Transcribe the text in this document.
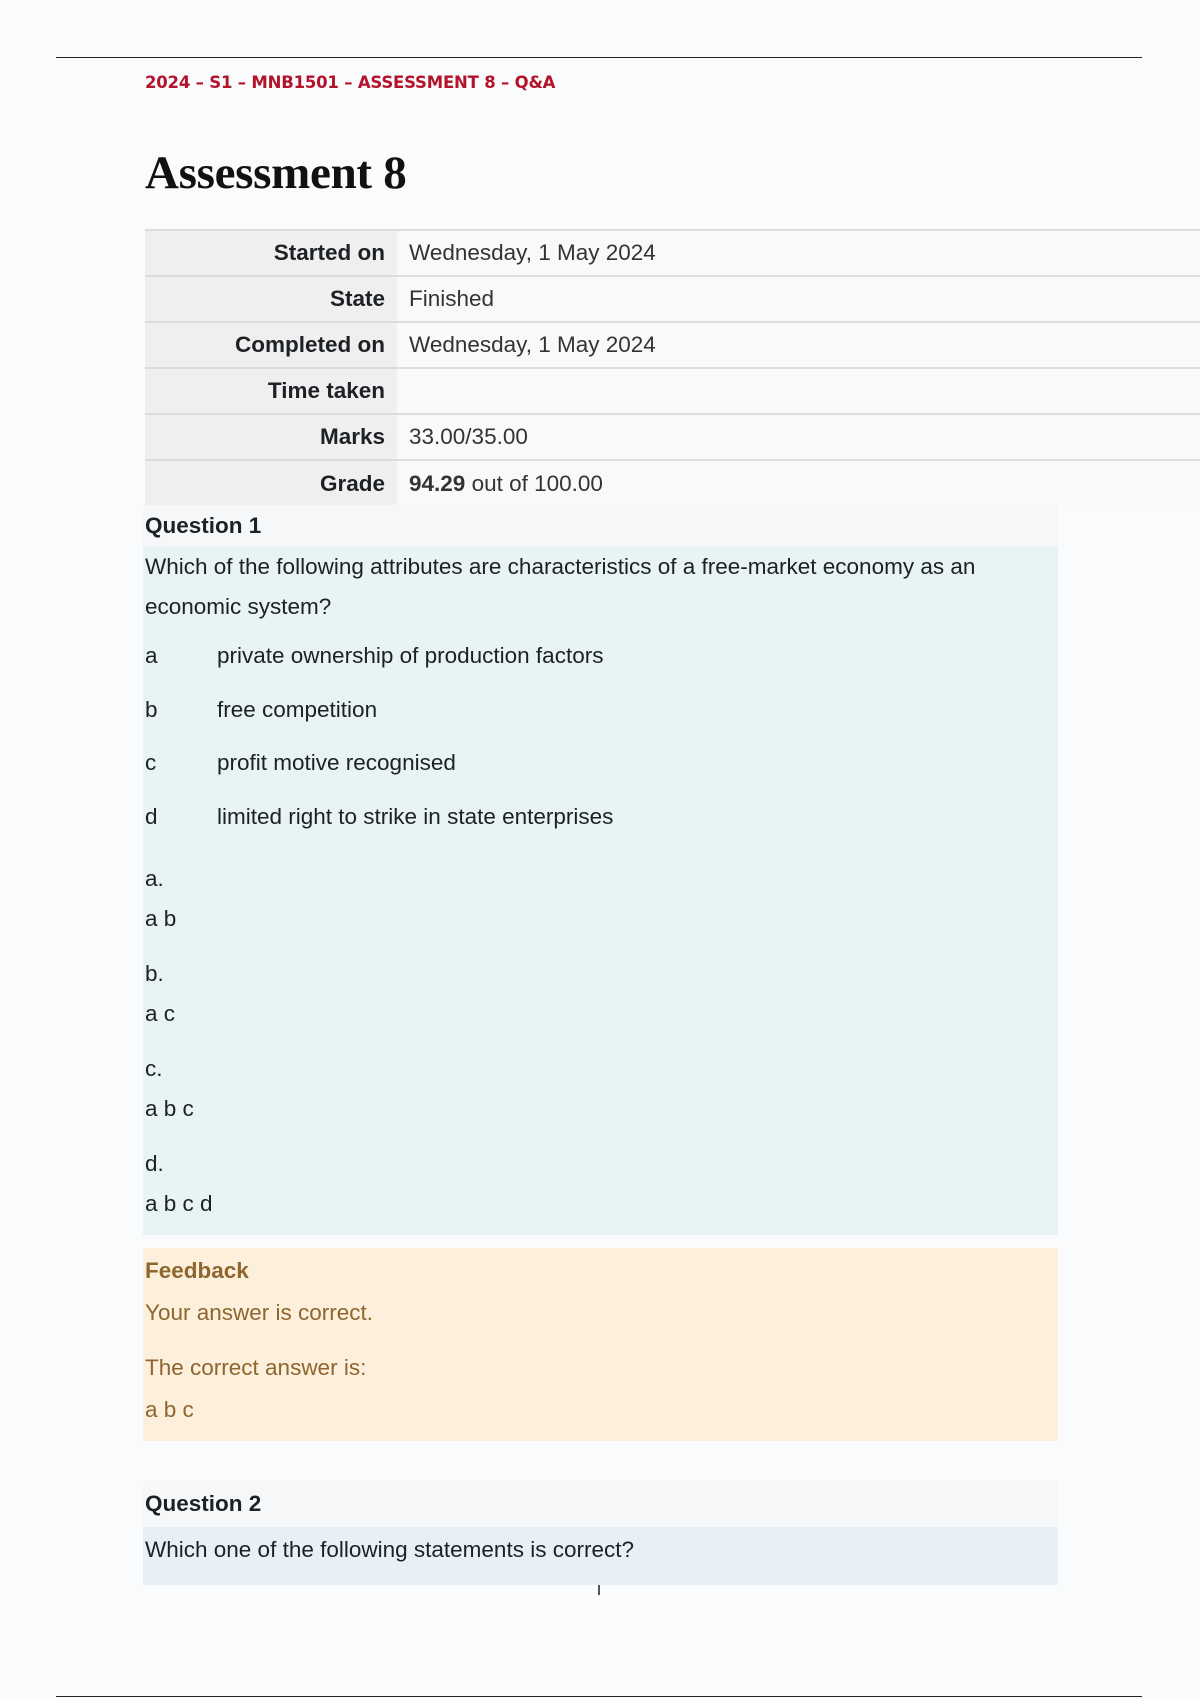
2024 – S1 – MNB1501 – ASSESSMENT 8 – Q&A
Assessment 8
Started on	Wednesday, 1 May 2024
State	Finished
Completed on	Wednesday, 1 May 2024
Time taken	
Marks	33.00/35.00
Grade	94.29 out of 100.00
Question 1

Which of the following attributes are characteristics of a free-market economy as an economic system?

a	private ownership of production factors
b	free competition
c	profit motive recognised
d	limited right to strike in state enterprises
a.
a b
b.
a c
c.
a b c
d.
a b c d
Feedback
Your answer is correct.
The correct answer is:
a b c
Question 2
Which one of the following statements is correct?
